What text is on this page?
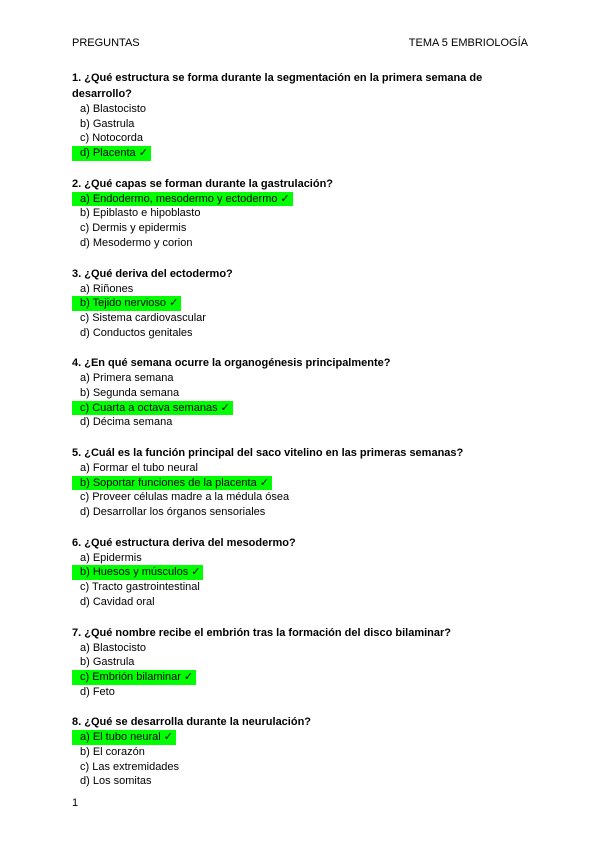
PREGUNTAS	TEMA 5 EMBRIOLOGÍA
1. ¿Qué estructura se forma durante la segmentación en la primera semana de desarrollo?
a) Blastocisto
b) Gastrula
c) Notocorda
d) Placenta ✓
2. ¿Qué capas se forman durante la gastrulación?
a) Endodermo, mesodermo y ectodermo ✓
b) Epiblasto e hipoblasto
c) Dermis y epidermis
d) Mesodermo y corion
3. ¿Qué deriva del ectodermo?
a) Riñones
b) Tejido nervioso ✓
c) Sistema cardiovascular
d) Conductos genitales
4. ¿En qué semana ocurre la organogénesis principalmente?
a) Primera semana
b) Segunda semana
c) Cuarta a octava semanas ✓
d) Décima semana
5. ¿Cuál es la función principal del saco vitelino en las primeras semanas?
a) Formar el tubo neural
b) Soportar funciones de la placenta ✓
c) Proveer células madre a la médula ósea
d) Desarrollar los órganos sensoriales
6. ¿Qué estructura deriva del mesodermo?
a) Epidermis
b) Huesos y músculos ✓
c) Tracto gastrointestinal
d) Cavidad oral
7. ¿Qué nombre recibe el embrión tras la formación del disco bilaminar?
a) Blastocisto
b) Gastrula
c) Embrión bilaminar ✓
d) Feto
8. ¿Qué se desarrolla durante la neurulación?
a) El tubo neural ✓
b) El corazón
c) Las extremidades
d) Los somitas
1
